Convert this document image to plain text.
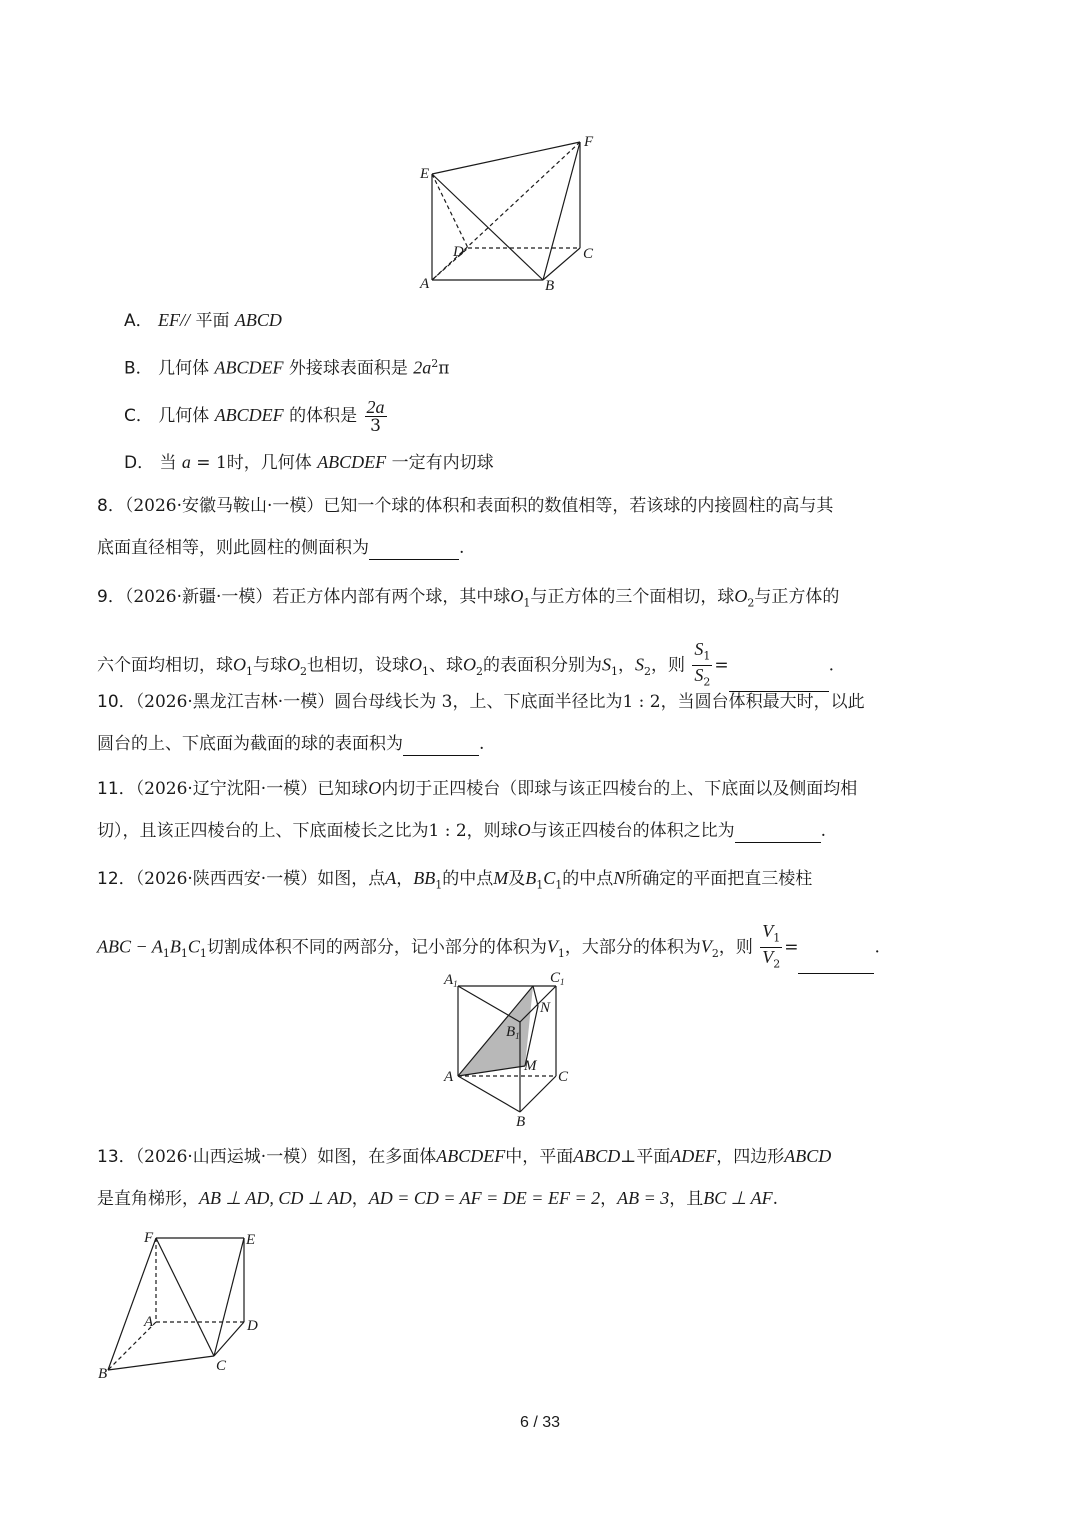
E
F
D	C
A	B
A． EF// 平面 ABCD
B． 几何体 ABCDEF 外接球表面积是 $2a^2\pi$
C． 几何体 ABCDEF 的体积是 $\frac{2a}{3}$
D． 当 a = 1时，几何体 ABCDEF 一定有内切球
8．（2026·安徽马鞍山·一模）已知一个球的体积和表面积的数值相等，若该球的内接圆柱的高与其
底面直径相等，则此圆柱的侧面积为	.
9．（2026·新疆·一模）若正方体内部有两个球，其中球$O_1$与正方体的三个面相切，球$O_2$与正方体的
六个面均相切，球$O_1$与球$O_2$也相切，设球$O_1$、球$O_2$的表面积分别为$S_1$，$S_2$，则 $\frac{S_1}{S_2}$ =	.
10．（2026·黑龙江吉林·一模）圆台母线长为 3，上、下底面半径比为1 : 2，当圆台体积最大时，以此
圆台的上、下底面为截面的球的表面积为	.
11．（2026·辽宁沈阳·一模）已知球O内切于正四棱台（即球与该正四棱台的上、下底面以及侧面均相
切），且该正四棱台的上、下底面棱长之比为1 : 2，则球O与该正四棱台的体积之比为	.
12．（2026·陕西西安·一模）如图，点A，$BB_1$的中点M及$B_1C_1$的中点N所确定的平面把直三棱柱
ABC − $A_1B_1C_1$切割成体积不同的两部分，记小部分的体积为$V_1$，大部分的体积为$V_2$，则 $\frac{V_1}{V_2}$ =	.
$A_1$	$C_1$
$B_1$
N
M
A	C
B
13．（2026·山西运城·一模）如图，在多面体ABCDEF中，平面ABCD⊥平面ADEF，四边形ABCD
是直角梯形，AB ⊥ AD, CD ⊥ AD，AD = CD = AF = DE = EF = 2，AB = 3，且BC ⊥ AF.
F	E
A	D
C
B
6 / 33
